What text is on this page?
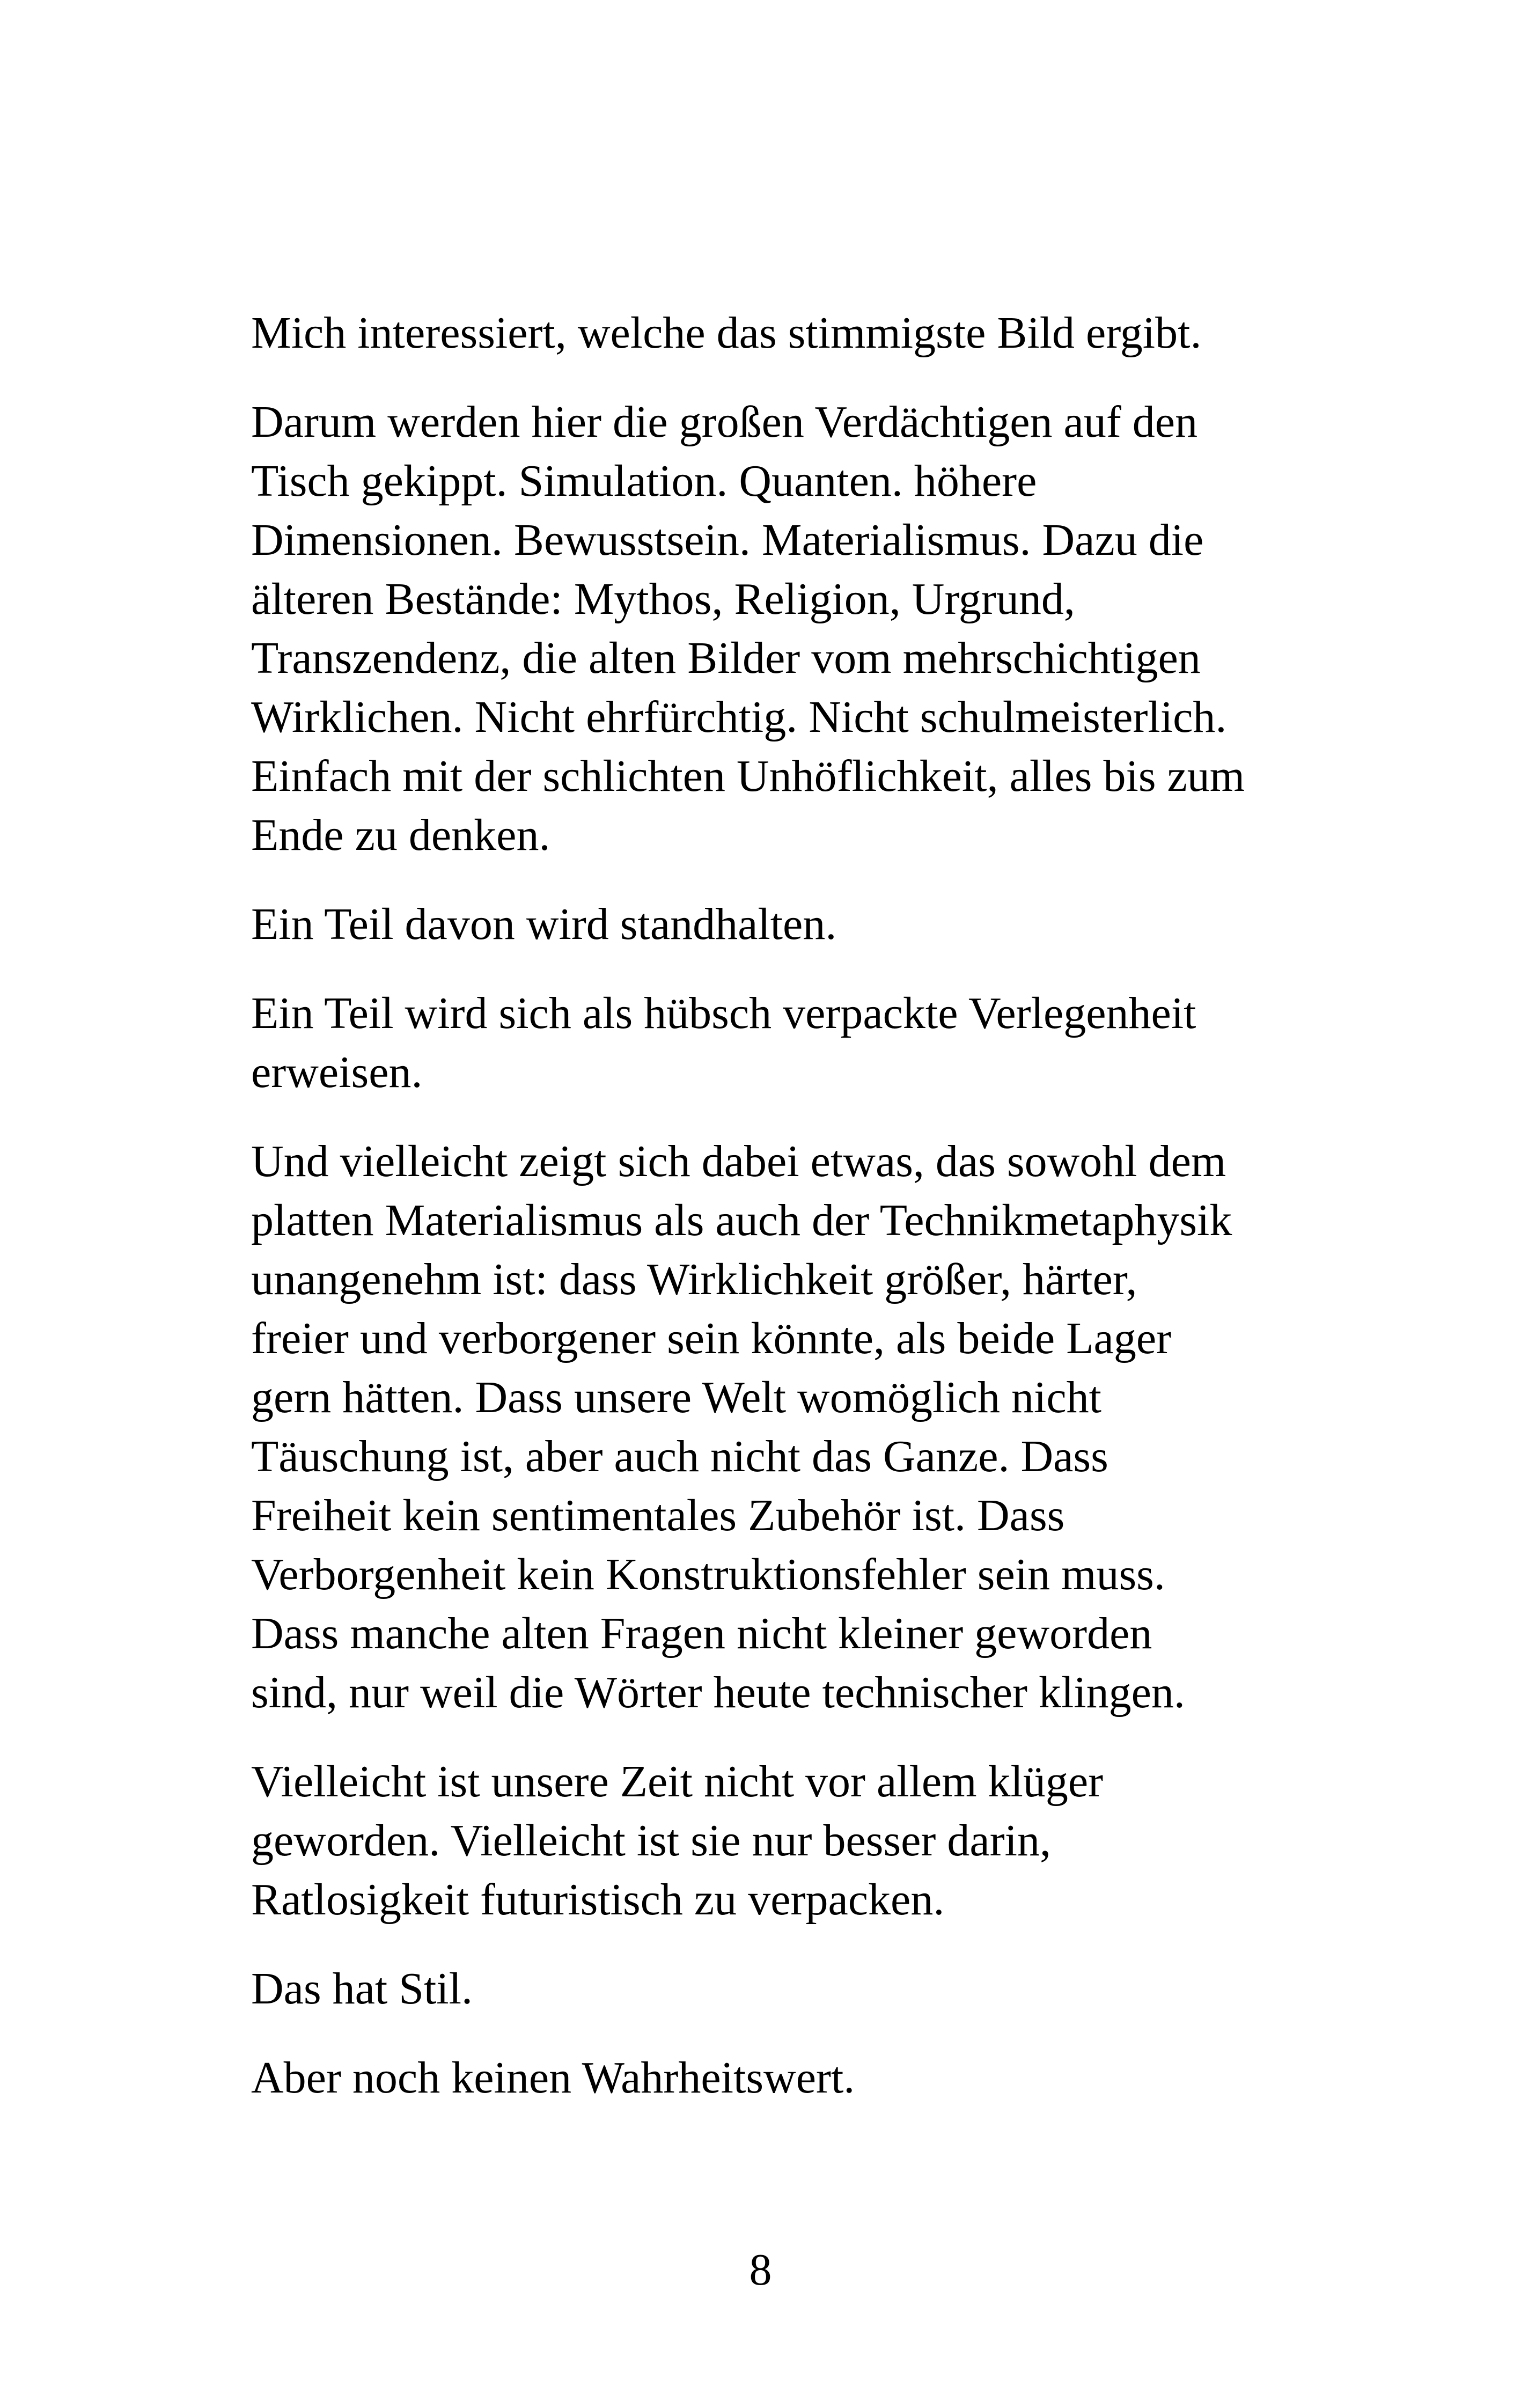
Mich interessiert, welche das stimmigste Bild ergibt.

Darum werden hier die großen Verdächtigen auf den
Tisch gekippt. Simulation. Quanten. höhere
Dimensionen. Bewusstsein. Materialismus. Dazu die
älteren Bestände: Mythos, Religion, Urgrund,
Transzendenz, die alten Bilder vom mehrschichtigen
Wirklichen. Nicht ehrfürchtig. Nicht schulmeisterlich.
Einfach mit der schlichten Unhöflichkeit, alles bis zum
Ende zu denken.

Ein Teil davon wird standhalten.

Ein Teil wird sich als hübsch verpackte Verlegenheit
erweisen.

Und vielleicht zeigt sich dabei etwas, das sowohl dem
platten Materialismus als auch der Technikmetaphysik
unangenehm ist: dass Wirklichkeit größer, härter,
freier und verborgener sein könnte, als beide Lager
gern hätten. Dass unsere Welt womöglich nicht
Täuschung ist, aber auch nicht das Ganze. Dass
Freiheit kein sentimentales Zubehör ist. Dass
Verborgenheit kein Konstruktionsfehler sein muss.
Dass manche alten Fragen nicht kleiner geworden
sind, nur weil die Wörter heute technischer klingen.

Vielleicht ist unsere Zeit nicht vor allem klüger
geworden. Vielleicht ist sie nur besser darin,
Ratlosigkeit futuristisch zu verpacken.

Das hat Stil.

Aber noch keinen Wahrheitswert.

8
